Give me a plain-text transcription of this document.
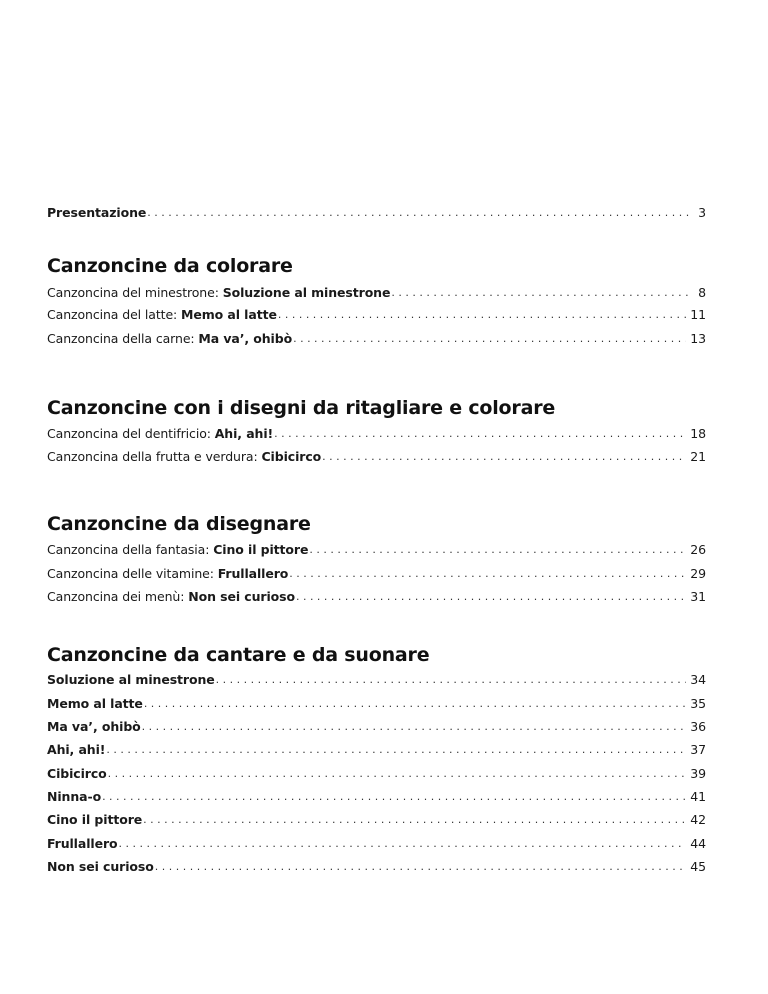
Presentazione . . .	3
Canzoncine da colorare
Canzoncina del minestrone: Soluzione al minestrone . . .	8
Canzoncina del latte: Memo al latte . . .	11
Canzoncina della carne: Ma va’, ohibò . . .	13
Canzoncine con i disegni da ritagliare e colorare
Canzoncina del dentifricio: Ahi, ahi! . . .	18
Canzoncina della frutta e verdura: Cibicirco . . .	21
Canzoncine da disegnare
Canzoncina della fantasia: Cino il pittore . . .	26
Canzoncina delle vitamine: Frullallero . . .	29
Canzoncina dei menù: Non sei curioso . . .	31
Canzoncine da cantare e da suonare
Soluzione al minestrone . . .	34
Memo al latte . . .	35
Ma va’, ohibò . . .	36
Ahi, ahi! . . .	37
Cibicirco . . .	39
Ninna-o . . .	41
Cino il pittore . . .	42
Frullallero . . .	44
Non sei curioso . . .	45
